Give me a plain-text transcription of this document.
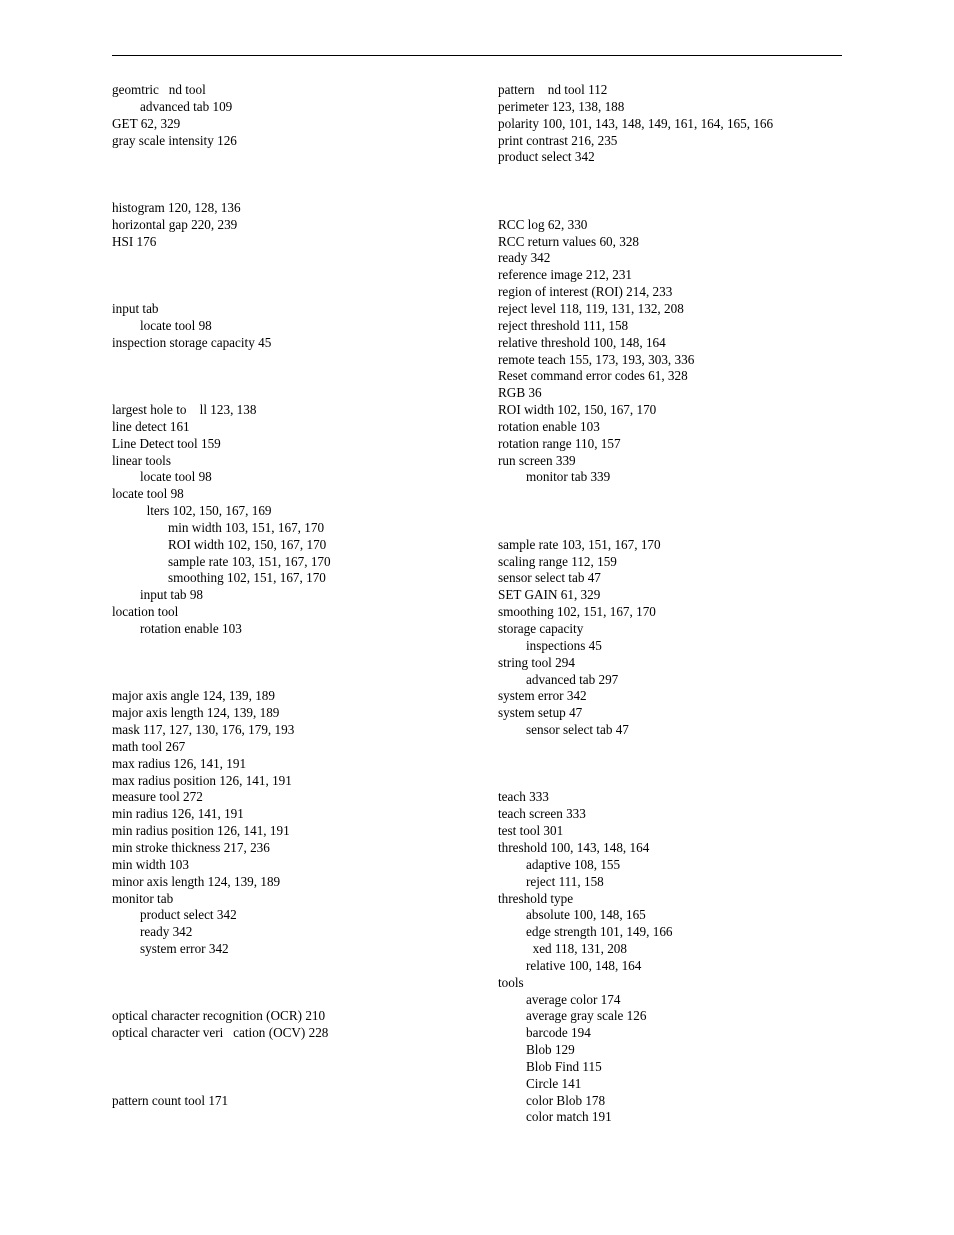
geomtric   nd tool
advanced tab 109
GET 62, 329
gray scale intensity 126
histogram 120, 128, 136
horizontal gap 220, 239
HSI 176
input tab
locate tool 98
inspection storage capacity 45
largest hole to    ll 123, 138
line detect 161
Line Detect tool 159
linear tools
locate tool 98
locate tool 98
lters 102, 150, 167, 169
min width 103, 151, 167, 170
ROI width 102, 150, 167, 170
sample rate 103, 151, 167, 170
smoothing 102, 151, 167, 170
input tab 98
location tool
rotation enable 103
major axis angle 124, 139, 189
major axis length 124, 139, 189
mask 117, 127, 130, 176, 179, 193
math tool 267
max radius 126, 141, 191
max radius position 126, 141, 191
measure tool 272
min radius 126, 141, 191
min radius position 126, 141, 191
min stroke thickness 217, 236
min width 103
minor axis length 124, 139, 189
monitor tab
product select 342
ready 342
system error 342
optical character recognition (OCR) 210
optical character veri   cation (OCV) 228
pattern count tool 171
pattern    nd tool 112
perimeter 123, 138, 188
polarity 100, 101, 143, 148, 149, 161, 164, 165, 166
print contrast 216, 235
product select 342
RCC log 62, 330
RCC return values 60, 328
ready 342
reference image 212, 231
region of interest (ROI) 214, 233
reject level 118, 119, 131, 132, 208
reject threshold 111, 158
relative threshold 100, 148, 164
remote teach 155, 173, 193, 303, 336
Reset command error codes 61, 328
RGB 36
ROI width 102, 150, 167, 170
rotation enable 103
rotation range 110, 157
run screen 339
monitor tab 339
sample rate 103, 151, 167, 170
scaling range 112, 159
sensor select tab 47
SET GAIN 61, 329
smoothing 102, 151, 167, 170
storage capacity
inspections 45
string tool 294
advanced tab 297
system error 342
system setup 47
sensor select tab 47
teach 333
teach screen 333
test tool 301
threshold 100, 143, 148, 164
adaptive 108, 155
reject 111, 158
threshold type
absolute 100, 148, 165
edge strength 101, 149, 166
xed 118, 131, 208
relative 100, 148, 164
tools
average color 174
average gray scale 126
barcode 194
Blob 129
Blob Find 115
Circle 141
color Blob 178
color match 191
